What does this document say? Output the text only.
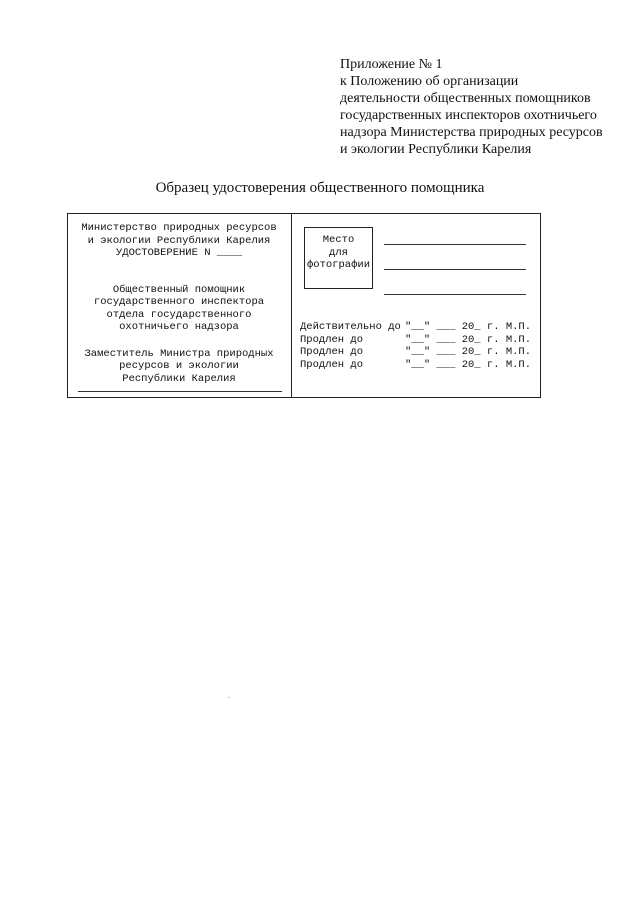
Приложение № 1
к Положению об организации
деятельности общественных помощников
государственных инспекторов охотничьего
надзора Министерства природных ресурсов
и экологии Республики Карелия
Образец удостоверения общественного помощника
Министерство природных ресурсов
и экологии Республики Карелия
УДОСТОВЕРЕНИЕ N ____
Общественный помощник
государственного инспектора
отдела государственного
охотничьего надзора
Заместитель Министра природных
ресурсов и экологии
Республики Карелия
Место
для
фотографии
Действительно до "__" ___ 20_ г. М.П.
Продлен до	"__" ___ 20_ г. М.П.
Продлен до	"__" ___ 20_ г. М.П.
Продлен до	"__" ___ 20_ г. М.П.
.
